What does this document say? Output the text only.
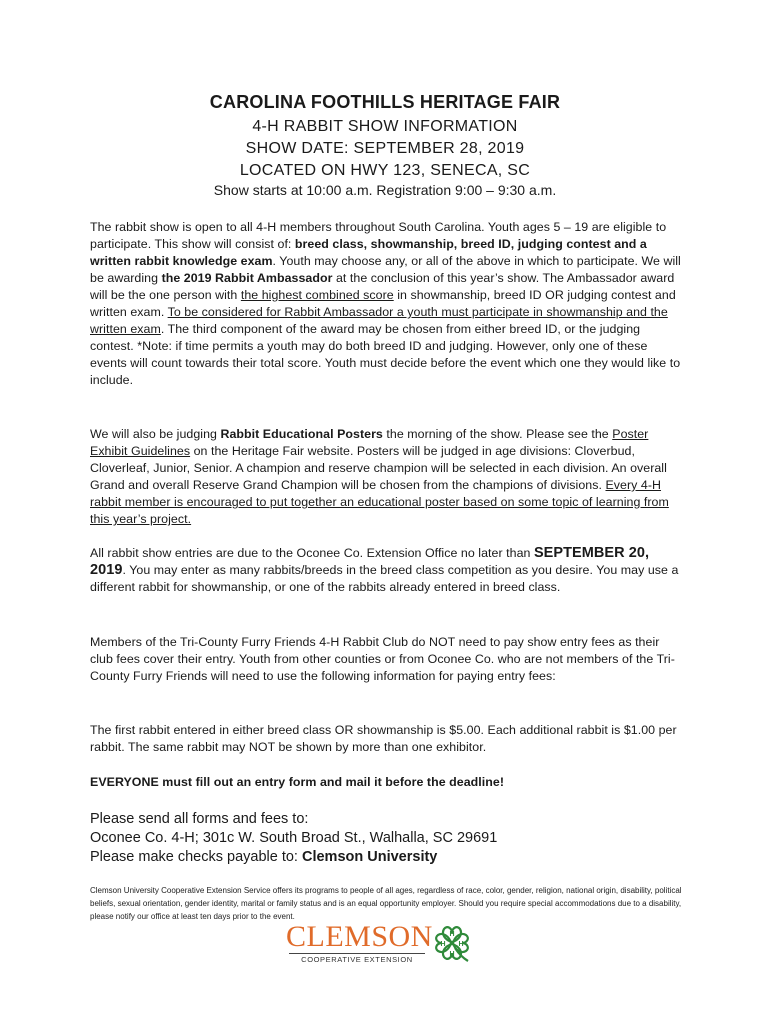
CAROLINA FOOTHILLS HERITAGE FAIR
4-H RABBIT SHOW INFORMATION
SHOW DATE: SEPTEMBER 28, 2019
LOCATED ON HWY 123, SENECA, SC
Show starts at 10:00 a.m. Registration 9:00 – 9:30 a.m.
The rabbit show is open to all 4-H members throughout South Carolina. Youth ages 5 – 19 are eligible to participate. This show will consist of: breed class, showmanship, breed ID, judging contest and a written rabbit knowledge exam. Youth may choose any, or all of the above in which to participate. We will be awarding the 2019 Rabbit Ambassador at the conclusion of this year’s show. The Ambassador award will be the one person with the highest combined score in showmanship, breed ID OR judging contest and written exam. To be considered for Rabbit Ambassador a youth must participate in showmanship and the written exam. The third component of the award may be chosen from either breed ID, or the judging contest. *Note: if time permits a youth may do both breed ID and judging. However, only one of these events will count towards their total score. Youth must decide before the event which one they would like to include.
We will also be judging Rabbit Educational Posters the morning of the show. Please see the Poster Exhibit Guidelines on the Heritage Fair website. Posters will be judged in age divisions: Cloverbud, Cloverleaf, Junior, Senior. A champion and reserve champion will be selected in each division. An overall Grand and overall Reserve Grand Champion will be chosen from the champions of divisions. Every 4-H rabbit member is encouraged to put together an educational poster based on some topic of learning from this year’s project.
All rabbit show entries are due to the Oconee Co. Extension Office no later than SEPTEMBER 20, 2019. You may enter as many rabbits/breeds in the breed class competition as you desire. You may use a different rabbit for showmanship, or one of the rabbits already entered in breed class.
Members of the Tri-County Furry Friends 4-H Rabbit Club do NOT need to pay show entry fees as their club fees cover their entry. Youth from other counties or from Oconee Co. who are not members of the Tri-County Furry Friends will need to use the following information for paying entry fees:
The first rabbit entered in either breed class OR showmanship is $5.00. Each additional rabbit is $1.00 per rabbit. The same rabbit may NOT be shown by more than one exhibitor.
EVERYONE must fill out an entry form and mail it before the deadline!
Please send all forms and fees to:
Oconee Co. 4-H; 301c W. South Broad St., Walhalla, SC 29691
Please make checks payable to: Clemson University
Clemson University Cooperative Extension Service offers its programs to people of all ages, regardless of race, color, gender, religion, national origin, disability, political beliefs, sexual orientation, gender identity, marital or family status and is an equal opportunity employer. Should you require special accommodations due to a disability, please notify our office at least ten days prior to the event.
CLEMSON
COOPERATIVE EXTENSION
H
H
H H
